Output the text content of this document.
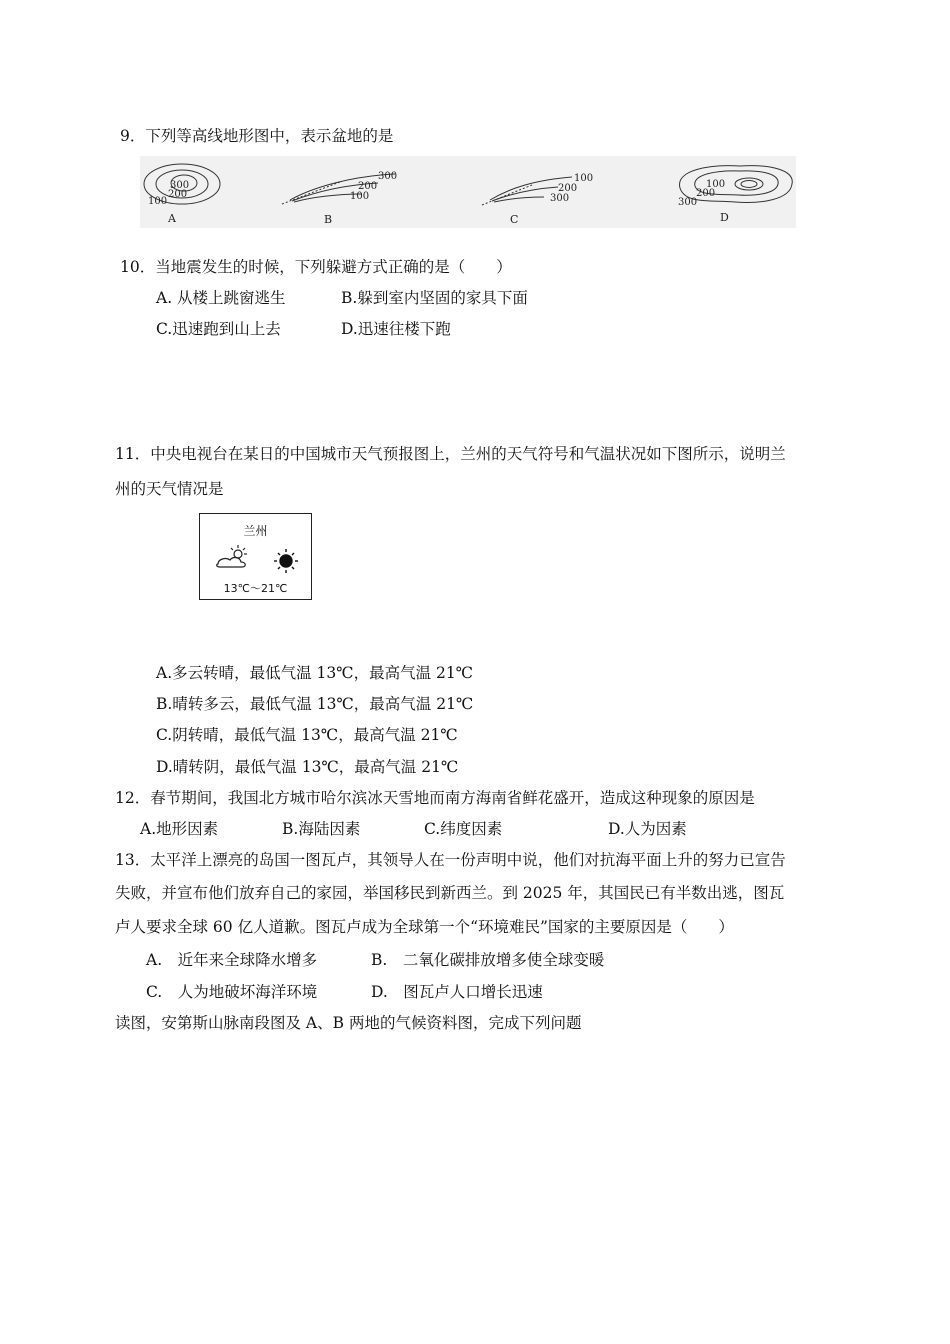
9．下列等高线地形图中，表示盆地的是
300
200
100
A
300
200
100
B
100
200
300
C
100
200
300
D
10．当地震发生的时候，下列躲避方式正确的是（　　）
A. 从楼上跳窗逃生	B.躲到室内坚固的家具下面
C.迅速跑到山上去	D.迅速往楼下跑
11．中央电视台在某日的中国城市天气预报图上，兰州的天气符号和气温状况如下图所示，说明兰
州的天气情况是
兰州
13℃～21℃
A.多云转晴，最低气温 13℃，最高气温 21℃
B.晴转多云，最低气温 13℃，最高气温 21℃
C.阴转晴，最低气温 13℃，最高气温 21℃
D.晴转阴，最低气温 13℃，最高气温 21℃
12．春节期间，我国北方城市哈尔滨冰天雪地而南方海南省鲜花盛开，造成这种现象的原因是
A.地形因素	B.海陆因素	C.纬度因素	D.人为因素
13．太平洋上漂亮的岛国一图瓦卢，其领导人在一份声明中说，他们对抗海平面上升的努力已宣告
失败，并宣布他们放弃自己的家园，举国移民到新西兰。到 2025 年，其国民已有半数出逃，图瓦
卢人要求全球 60 亿人道歉。图瓦卢成为全球第一个“环境难民”国家的主要原因是（　　）
A.　近年来全球降水增多	B.　二氧化碳排放增多使全球变暖
C.　人为地破坏海洋环境	D.　图瓦卢人口增长迅速
读图，安第斯山脉南段图及 A、B 两地的气候资料图，完成下列问题
